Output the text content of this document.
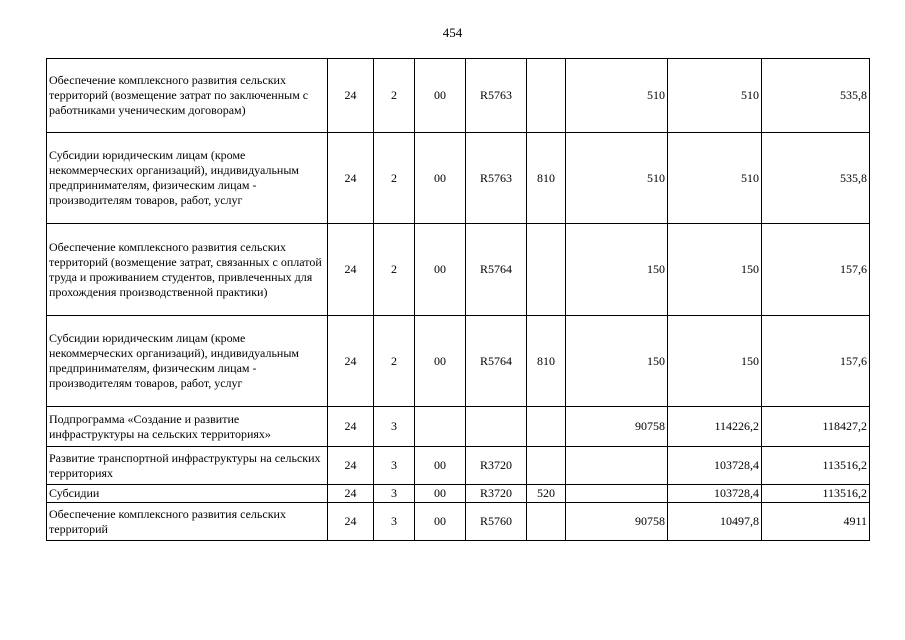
454
Обеспечение комплексного развития сельских территорий (возмещение затрат по заключенным с работниками ученическим договорам)	24	2	00	R5763		510	510	535,8
Субсидии юридическим лицам (кроме некоммерческих организаций), индивидуальным предпринимателям, физическим лицам - производителям товаров, работ, услуг	24	2	00	R5763	810	510	510	535,8
Обеспечение комплексного развития сельских территорий (возмещение затрат, связанных с оплатой труда и проживанием студентов, привлеченных для прохождения производственной практики)	24	2	00	R5764		150	150	157,6
Субсидии юридическим лицам (кроме некоммерческих организаций), индивидуальным предпринимателям, физическим лицам - производителям товаров, работ, услуг	24	2	00	R5764	810	150	150	157,6
Подпрограмма «Создание и развитие инфраструктуры на сельских территориях»	24	3				90758	114226,2	118427,2
Развитие транспортной инфраструктуры на сельских территориях	24	3	00	R3720			103728,4	113516,2
Субсидии	24	3	00	R3720	520		103728,4	113516,2
Обеспечение комплексного развития сельских территорий	24	3	00	R5760		90758	10497,8	4911
